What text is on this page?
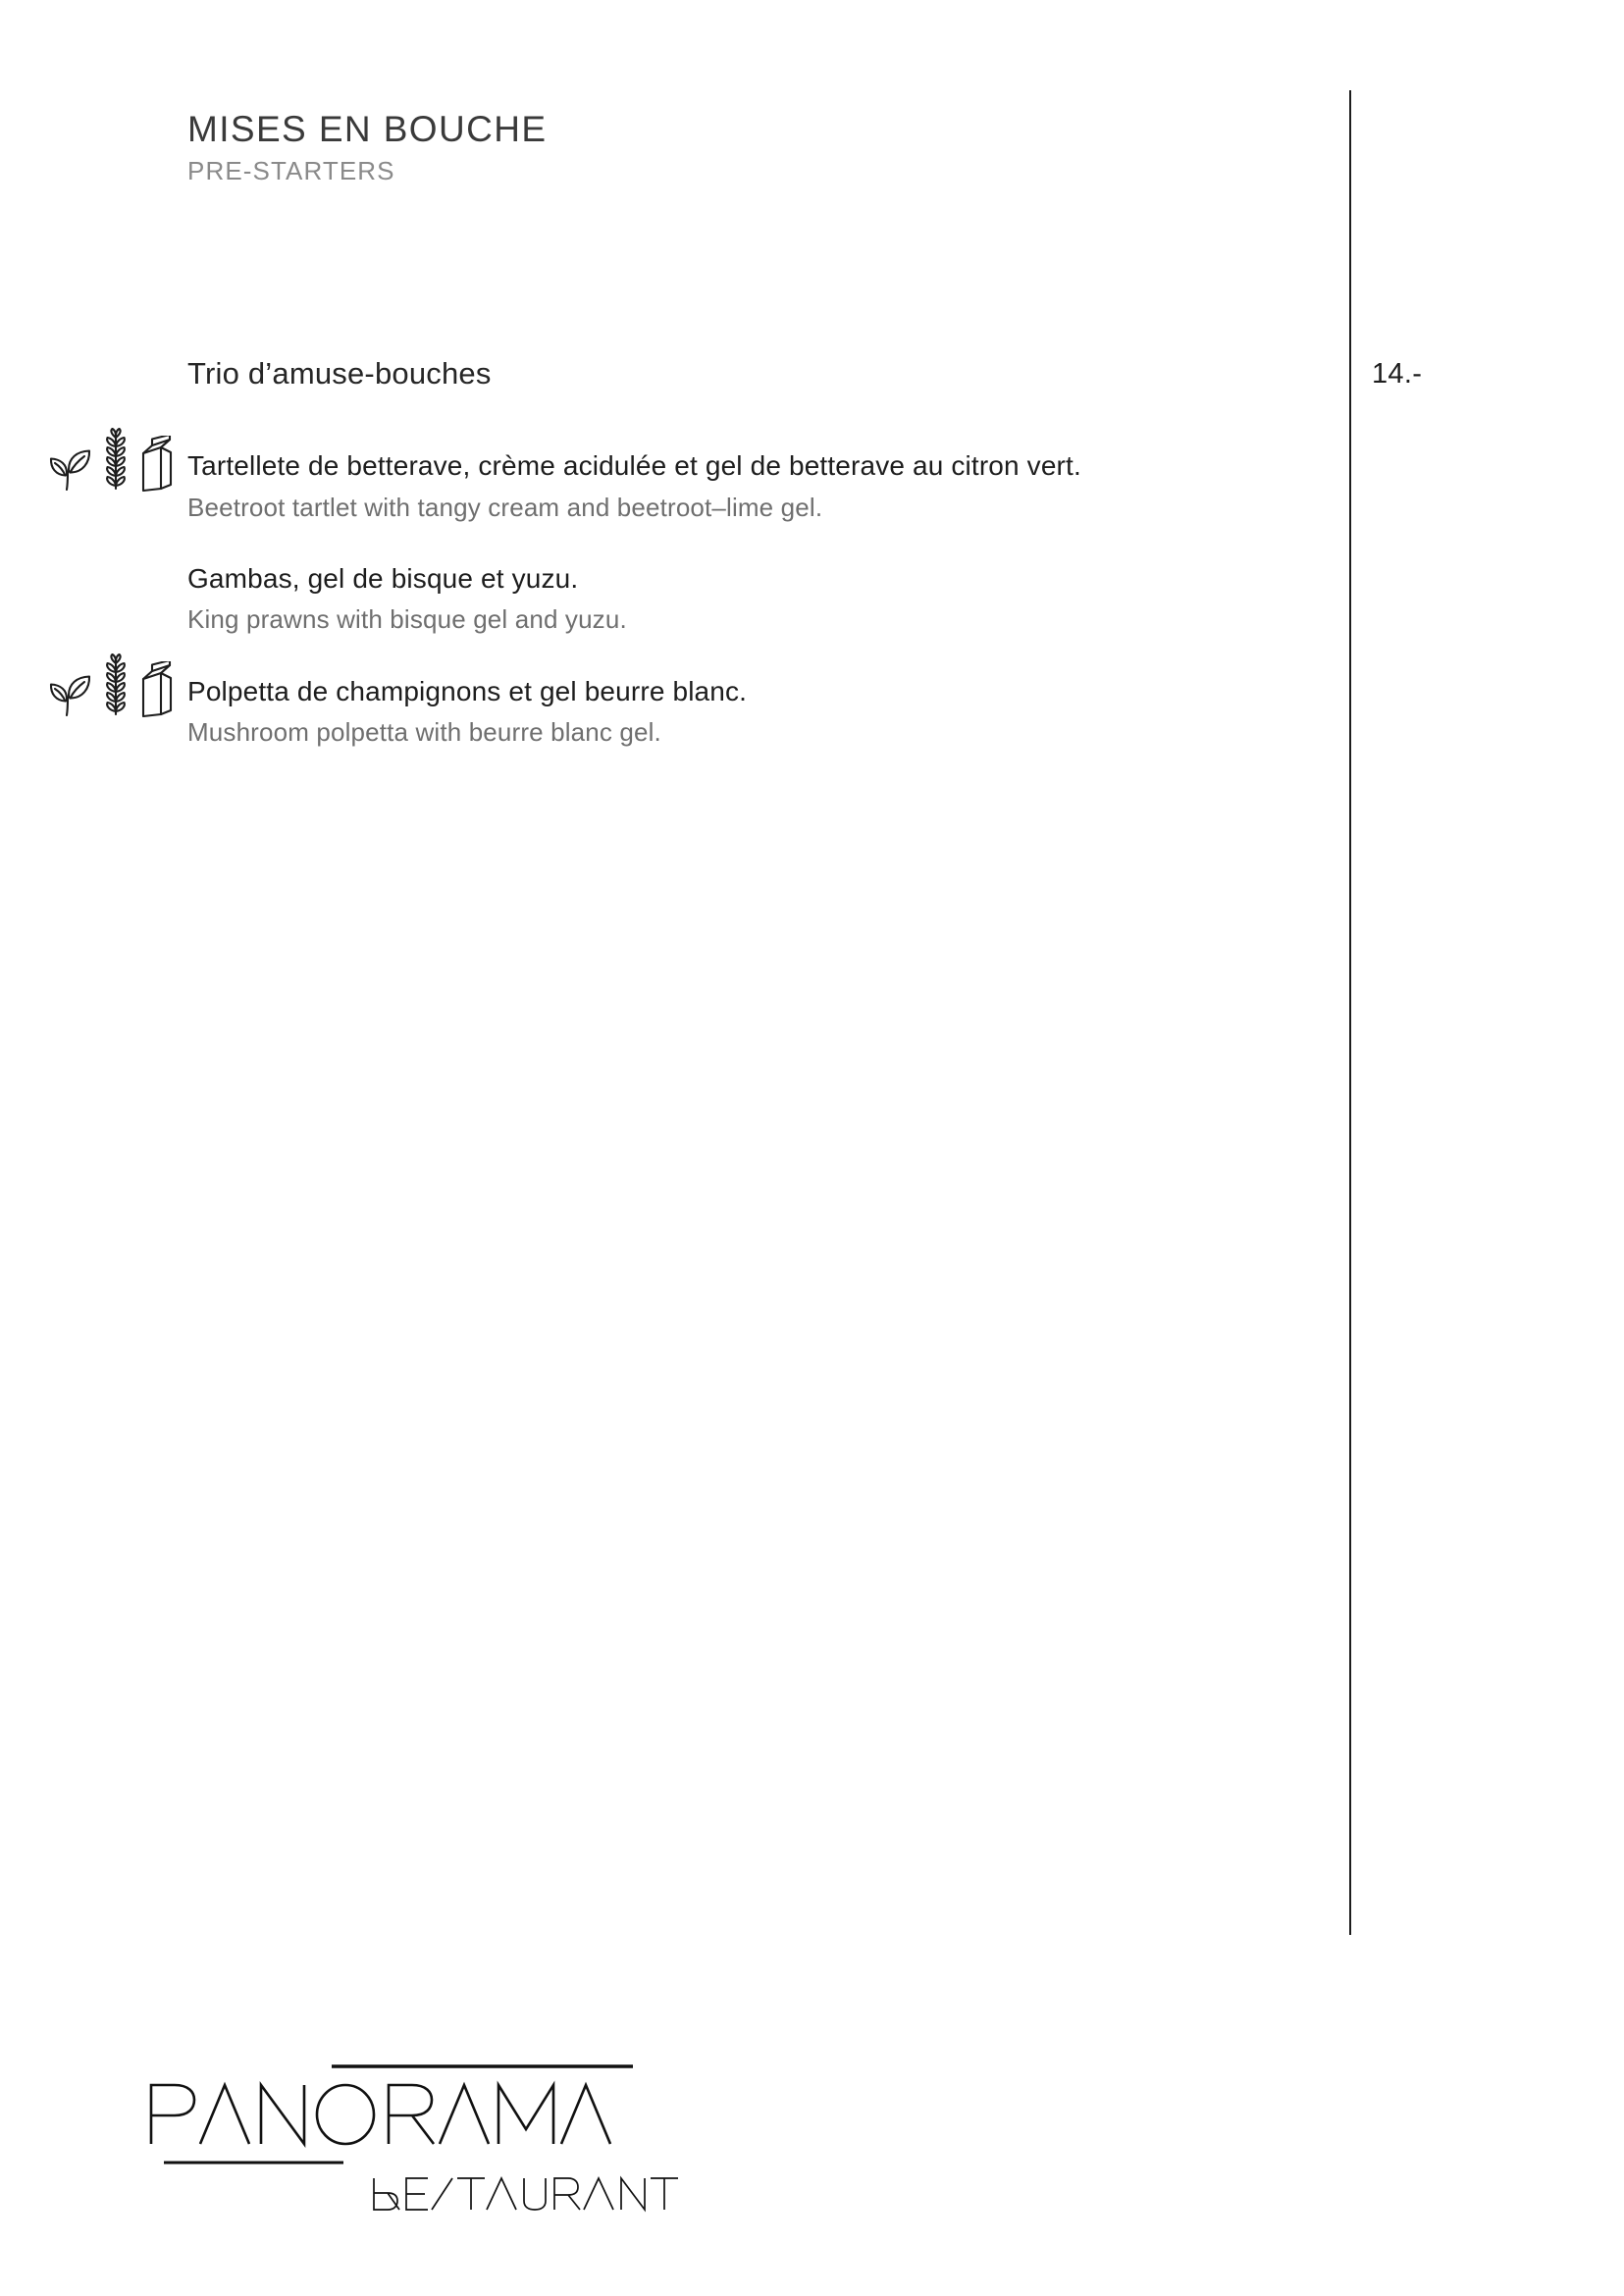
MISES EN BOUCHE
PRE-STARTERS
Trio d’amuse-bouches	14.-
Tartellete de betterave, crème acidulée et gel de betterave au citron vert.
Beetroot tartlet with tangy cream and beetroot–lime gel.
Gambas, gel de bisque et yuzu.
King prawns with bisque gel and yuzu.
Polpetta de champignons et gel beurre blanc.
Mushroom polpetta with beurre blanc gel.
